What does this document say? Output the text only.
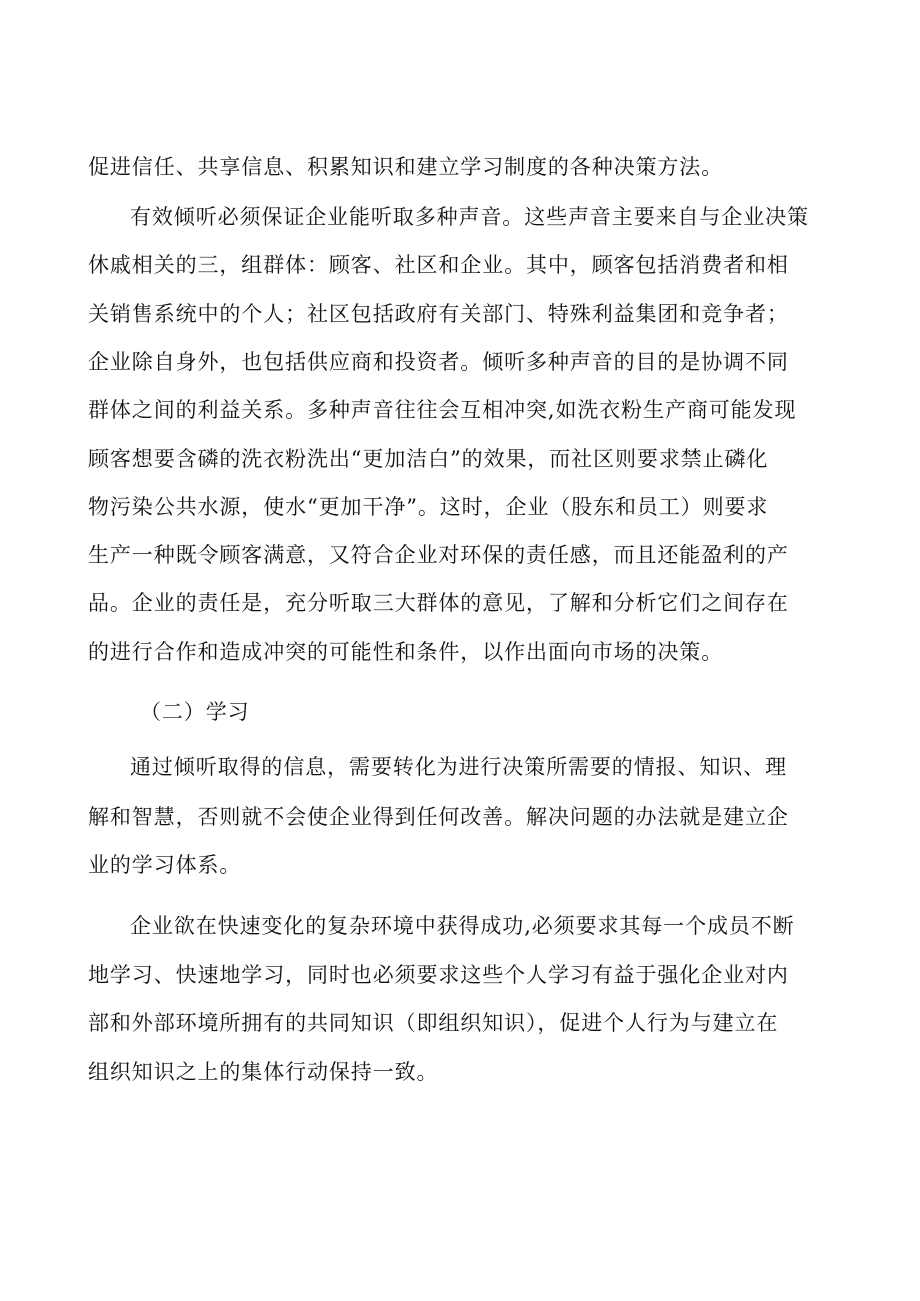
促进信任、共享信息、积累知识和建立学习制度的各种决策方法。
有效倾听必须保证企业能听取多种声音。这些声音主要来自与企业决策
休戚相关的三，组群体：顾客、社区和企业。其中，顾客包括消费者和相
关销售系统中的个人；社区包括政府有关部门、特殊利益集团和竞争者；
企业除自身外，也包括供应商和投资者。倾听多种声音的目的是协调不同
群体之间的利益关系。多种声音往往会互相冲突,如洗衣粉生产商可能发现
顾客想要含磷的洗衣粉洗出“更加洁白”的效果，而社区则要求禁止磷化
物污染公共水源，使水“更加干净”。这时，企业（股东和员工）则要求
生产一种既令顾客满意，又符合企业对环保的责任感，而且还能盈利的产
品。企业的责任是，充分听取三大群体的意见，了解和分析它们之间存在
的进行合作和造成冲突的可能性和条件，以作出面向市场的决策。
（二）学习
通过倾听取得的信息，需要转化为进行决策所需要的情报、知识、理
解和智慧，否则就不会使企业得到任何改善。解决问题的办法就是建立企
业的学习体系。
企业欲在快速变化的复杂环境中获得成功,必须要求其每一个成员不断
地学习、快速地学习，同时也必须要求这些个人学习有益于强化企业对内
部和外部环境所拥有的共同知识（即组织知识），促进个人行为与建立在
组织知识之上的集体行动保持一致。
